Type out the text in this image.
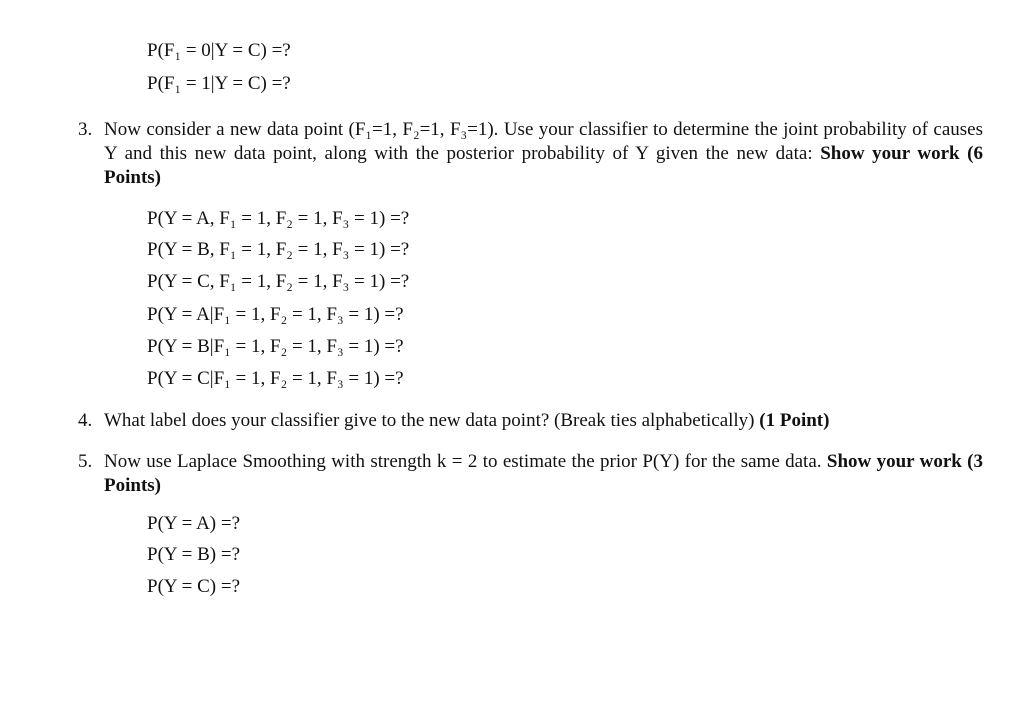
P(F₁ = 0|Y = C) =?
P(F₁ = 1|Y = C) =?
3. Now consider a new data point (F₁=1, F₂=1, F₃=1). Use your classifier to determine the joint probability of causes Y and this new data point, along with the posterior probability of Y given the new data: Show your work (6 Points)
P(Y = A, F₁ = 1, F₂ = 1, F₃ = 1) =?
P(Y = B, F₁ = 1, F₂ = 1, F₃ = 1) =?
P(Y = C, F₁ = 1, F₂ = 1, F₃ = 1) =?
P(Y = A|F₁ = 1, F₂ = 1, F₃ = 1) =?
P(Y = B|F₁ = 1, F₂ = 1, F₃ = 1) =?
P(Y = C|F₁ = 1, F₂ = 1, F₃ = 1) =?
4. What label does your classifier give to the new data point? (Break ties alphabetically) (1 Point)
5. Now use Laplace Smoothing with strength k = 2 to estimate the prior P(Y) for the same data. Show your work (3 Points)
P(Y = A) =?
P(Y = B) =?
P(Y = C) =?
